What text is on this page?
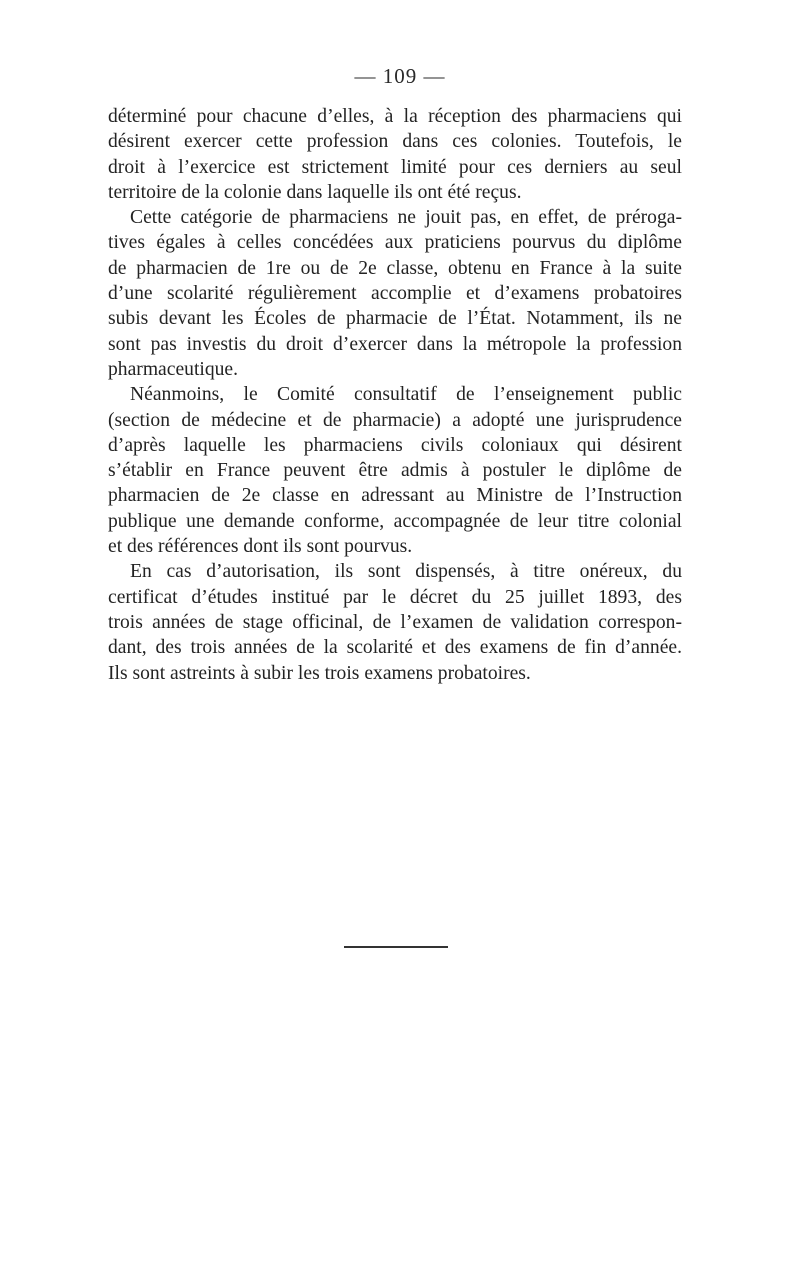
— 109 —

déterminé pour chacune d’elles, à la réception des pharmaciens qui
désirent exercer cette profession dans ces colonies. Toutefois, le
droit à l’exercice est strictement limité pour ces derniers au seul
territoire de la colonie dans laquelle ils ont été reçus.

Cette catégorie de pharmaciens ne jouit pas, en effet, de préroga-
tives égales à celles concédées aux praticiens pourvus du diplôme
de pharmacien de 1re ou de 2e classe, obtenu en France à la suite
d’une scolarité régulièrement accomplie et d’examens probatoires
subis devant les Écoles de pharmacie de l’État. Notamment, ils ne
sont pas investis du droit d’exercer dans la métropole la profession
pharmaceutique.

Néanmoins, le Comité consultatif de l’enseignement public
(section de médecine et de pharmacie) a adopté une jurisprudence
d’après laquelle les pharmaciens civils coloniaux qui désirent
s’établir en France peuvent être admis à postuler le diplôme de
pharmacien de 2e classe en adressant au Ministre de l’Instruction
publique une demande conforme, accompagnée de leur titre colonial
et des références dont ils sont pourvus.

En cas d’autorisation, ils sont dispensés, à titre onéreux, du
certificat d’études institué par le décret du 25 juillet 1893, des
trois années de stage officinal, de l’examen de validation correspon-
dant, des trois années de la scolarité et des examens de fin d’année.
Ils sont astreints à subir les trois examens probatoires.
